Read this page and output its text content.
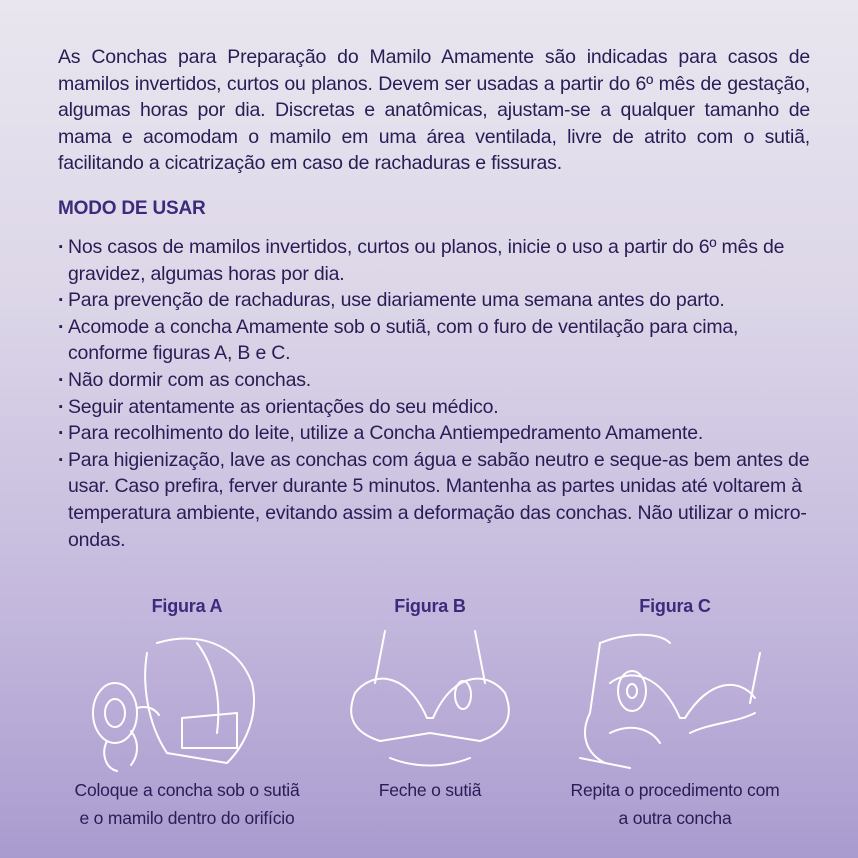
As Conchas para Preparação do Mamilo Amamente são indicadas para casos de mamilos invertidos, curtos ou planos. Devem ser usadas a partir do 6º mês de gestação, algumas horas por dia. Discretas e anatômicas, ajustam-se a qualquer tamanho de mama e acomodam o mamilo em uma área ventilada, livre de atrito com o sutiã, facilitando a cicatrização em caso de rachaduras e fissuras.

MODO DE USAR
· Nos casos de mamilos invertidos, curtos ou planos, inicie o uso a partir do 6º mês de gravidez, algumas horas por dia.
· Para prevenção de rachaduras, use diariamente uma semana antes do parto.
· Acomode a concha Amamente sob o sutiã, com o furo de ventilação para cima, conforme figuras A, B e C.
· Não dormir com as conchas.
· Seguir atentamente as orientações do seu médico.
· Para recolhimento do leite, utilize a Concha Antiempedramento Amamente.
· Para higienização, lave as conchas com água e sabão neutro e seque-as bem antes de usar. Caso prefira, ferver durante 5 minutos. Mantenha as partes unidas até voltarem à temperatura ambiente, evitando assim a deformação das conchas. Não utilizar o micro-ondas.
Figura A
Coloque a concha sob o sutiã
e o mamilo dentro do orifício
Figura B
Feche o sutiã
Figura C
Repita o procedimento com
a outra concha
